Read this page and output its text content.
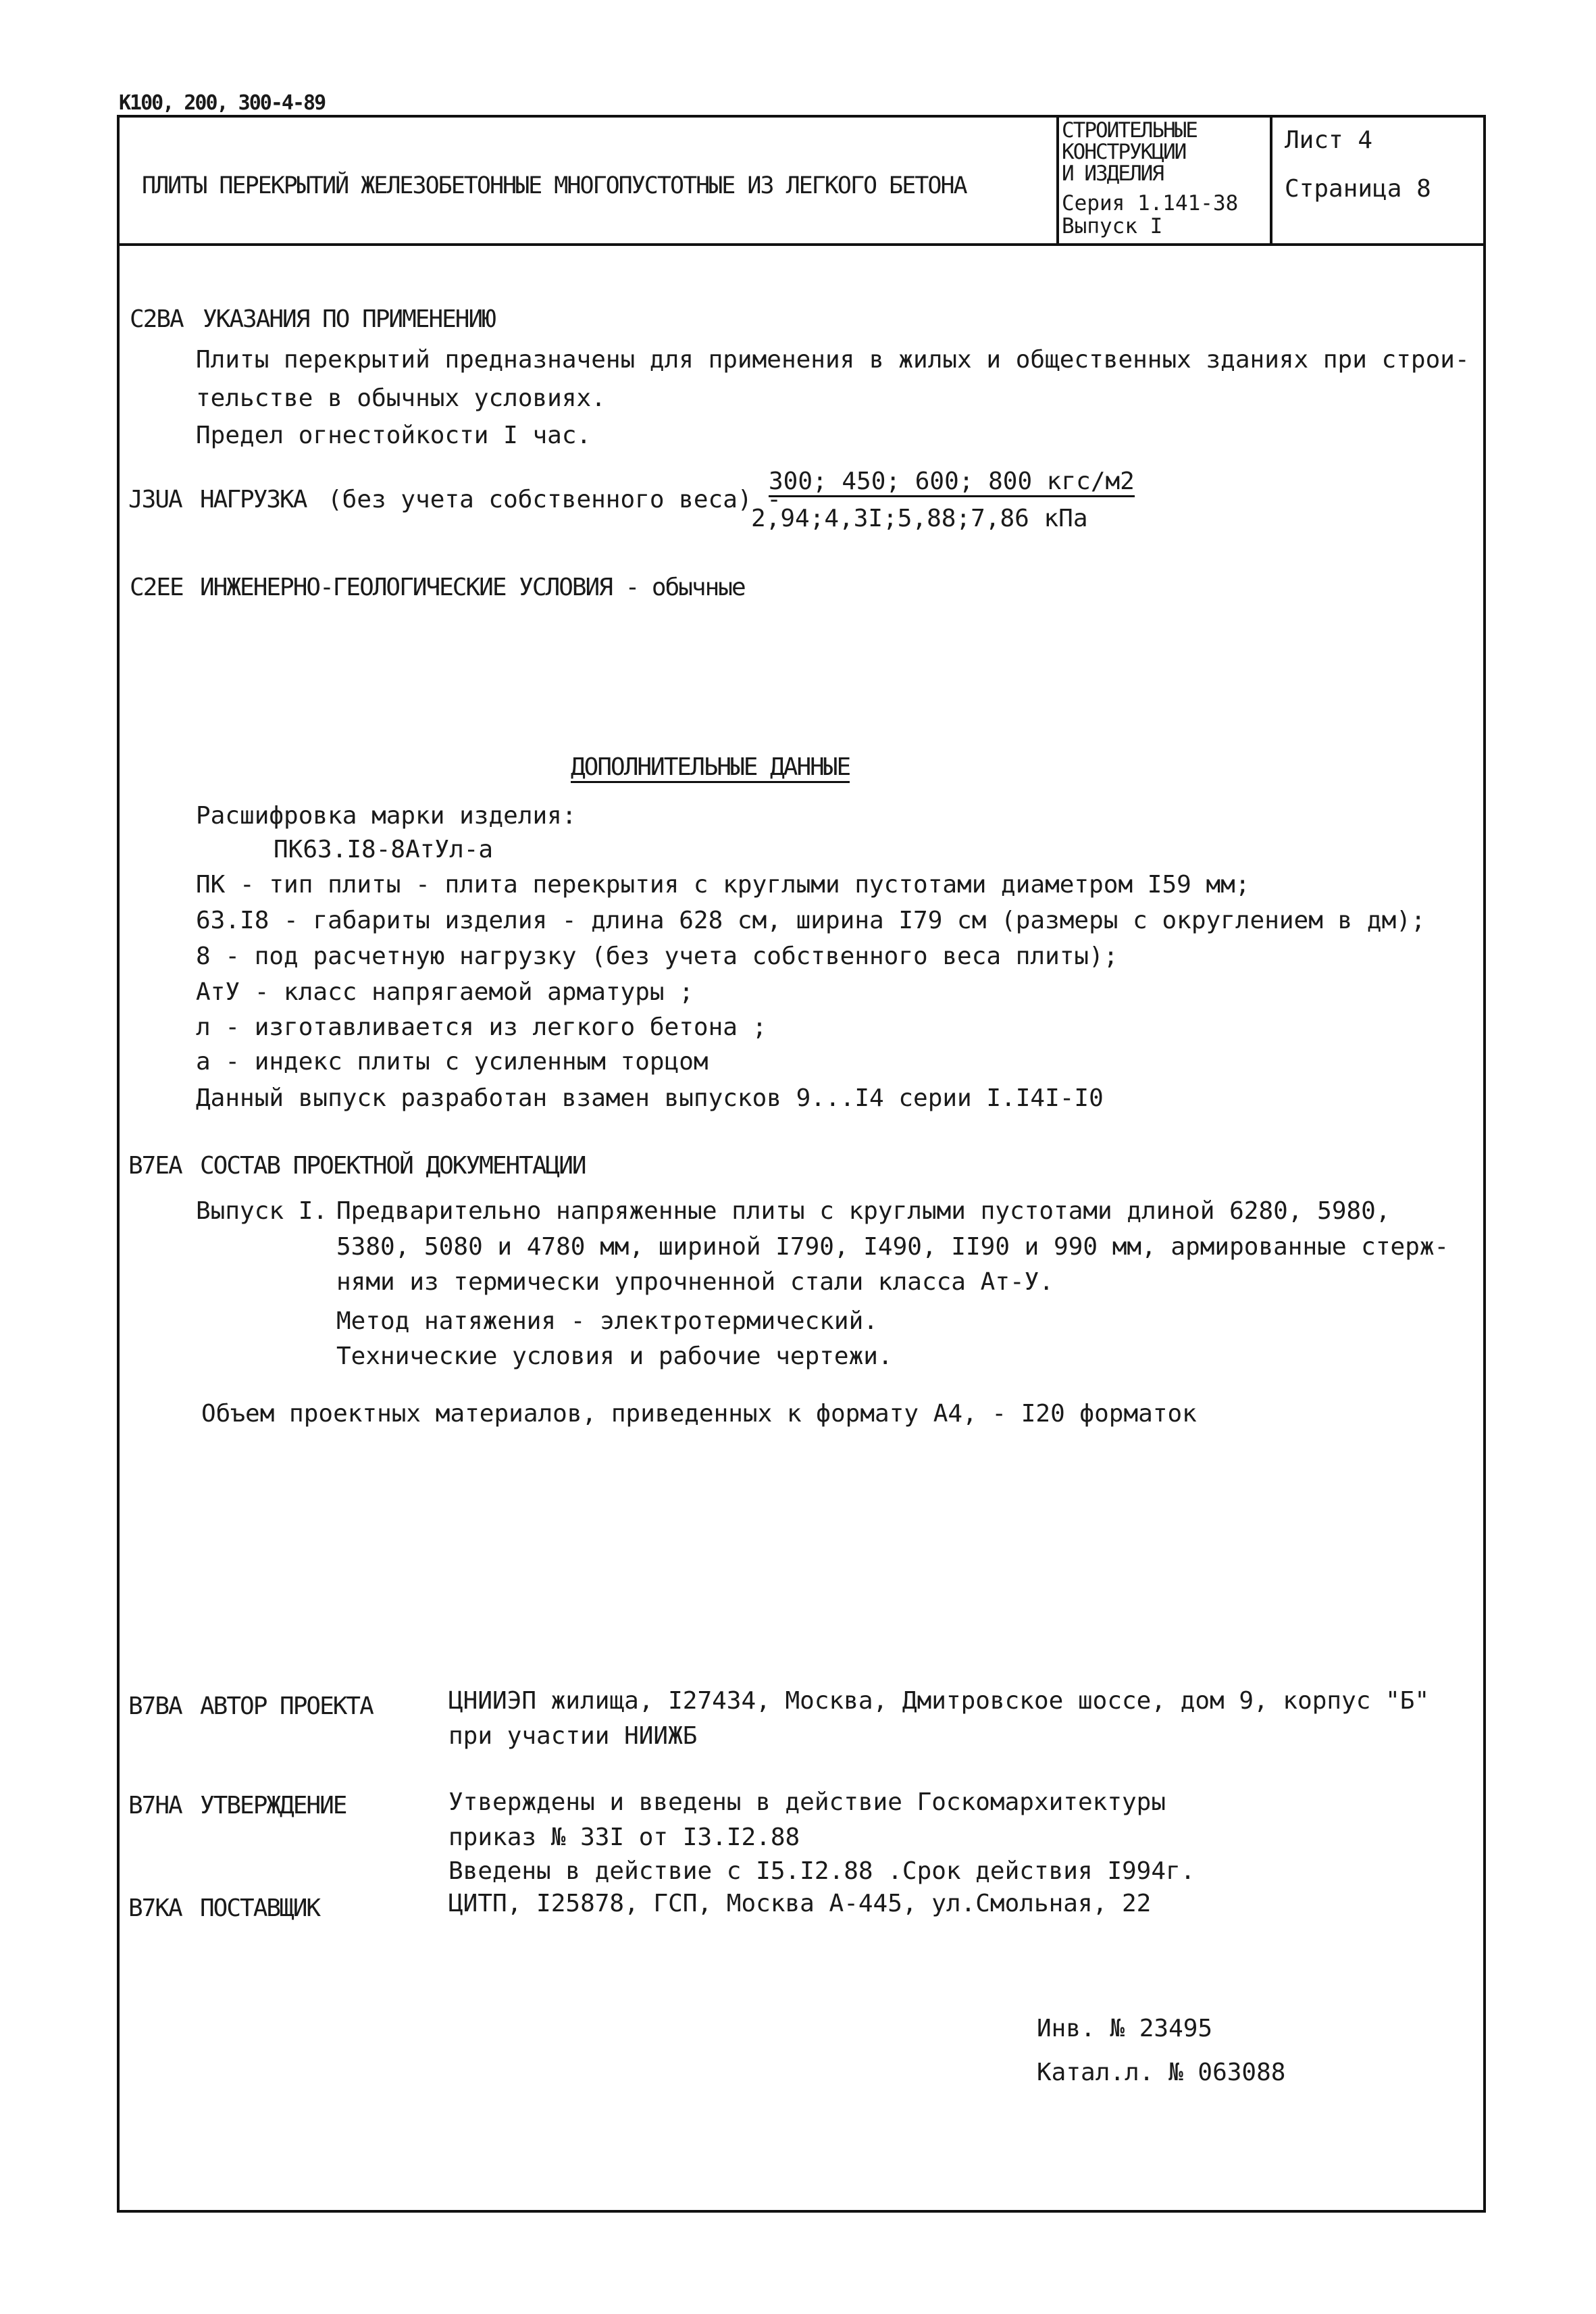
К100, 200, 300-4-89
ПЛИТЫ ПЕРЕКРЫТИЙ ЖЕЛЕЗОБЕТОННЫЕ МНОГОПУСТОТНЫЕ ИЗ ЛЕГКОГО БЕТОНА
СТРОИТЕЛЬНЫЕ
КОНСТРУКЦИИ
И ИЗДЕЛИЯ
Серия 1.141-38
Выпуск I
Лист 4
Страница 8
С2ВА УКАЗАНИЯ ПО ПРИМЕНЕНИЮ
Плиты перекрытий предназначены для применения в жилых и общественных зданиях при строи-
тельстве в обычных условиях.
Предел огнестойкости I час.
J3UA НАГРУЗКА (без учета собственного веса) -
300; 450; 600; 800 кгс/м2
2,94;4,3I;5,88;7,86 кПа
С2ЕЕ ИНЖЕНЕРНО-ГЕОЛОГИЧЕСКИЕ УСЛОВИЯ - обычные
ДОПОЛНИТЕЛЬНЫЕ ДАННЫЕ
Расшифровка марки изделия:
ПК63.I8-8АтУл-а
ПК - тип плиты - плита перекрытия с круглыми пустотами диаметром I59 мм;
63.I8 - габариты изделия - длина 628 см, ширина I79 см (размеры с округлением в дм);
8 - под расчетную нагрузку (без учета собственного веса плиты);
АтУ - класс напрягаемой арматуры ;
л - изготавливается из легкого бетона ;
а - индекс плиты с усиленным торцом
Данный выпуск разработан взамен выпусков 9...I4 серии I.I4I-I0
В7ЕА СОСТАВ ПРОЕКТНОЙ ДОКУМЕНТАЦИИ
Выпуск I. Предварительно напряженные плиты с круглыми пустотами длиной 6280, 5980,
5380, 5080 и 4780 мм, шириной I790, I490, II90 и 990 мм, армированные стерж-
нями из термически упрочненной стали класса Ат-У.
Метод натяжения - электротермический.
Технические условия и рабочие чертежи.
Объем проектных материалов, приведенных к формату А4, - I20 форматок
В7ВА АВТОР ПРОЕКТА	ЦНИИЭП жилища, I27434, Москва, Дмитровское шоссе, дом 9, корпус "Б"
при участии НИИЖБ
В7НА УТВЕРЖДЕНИЕ	Утверждены и введены в действие Госкомархитектуры
приказ № 33I от I3.I2.88
Введены в действие с I5.I2.88 .Срок действия I994г.
В7КА ПОСТАВЩИК	ЦИТП, I25878, ГСП, Москва А-445, ул.Смольная, 22
Инв. № 23495
Катал.л. № 063088
